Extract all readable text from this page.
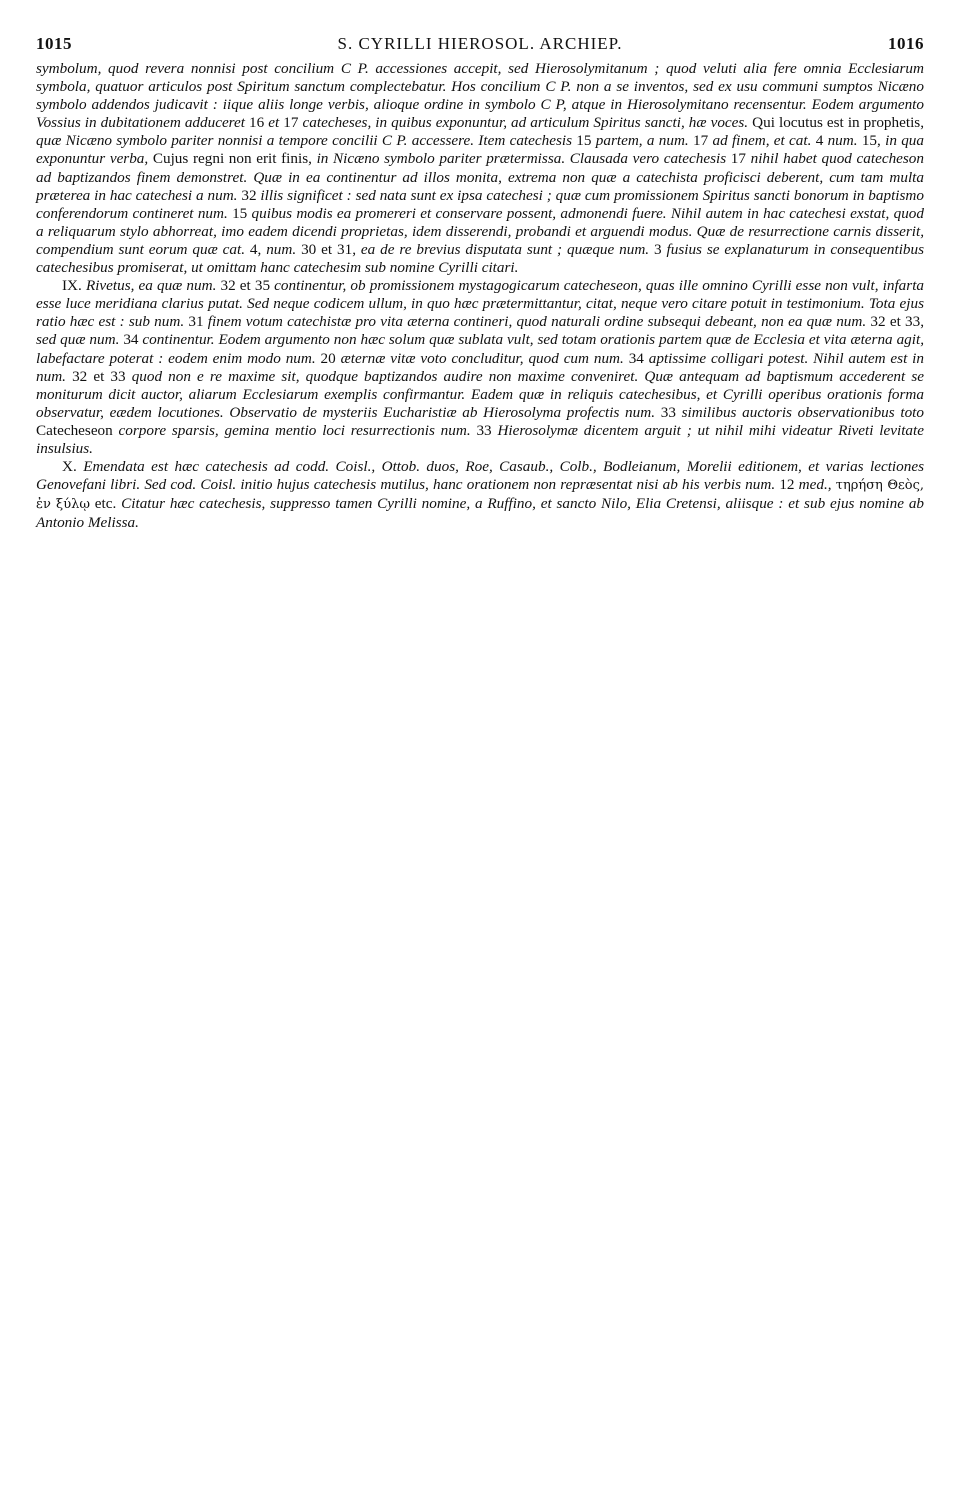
1015	S. CYRILLI HIEROSOL. ARCHIEP.	1016

symbolum, quod revera nonnisi post concilium C P. accessiones accepit, sed Hierosolymitanum ; quod veluti alia fere omnia Ecclesiarum symbola, quatuor articulos post Spiritum sanctum complectebatur. Hos concilium C P. non a se inventos, sed ex usu communi sumptos Nicæno symbolo addendos judicavit : iique aliis longe verbis, alioque ordine in symbolo C P, atque in Hierosolymitano recensentur. Eodem argumento Vossius in dubitationem adduceret 16 et 17 catecheses, in quibus exponuntur, ad articulum Spiritus sancti, hæ voces. Qui locutus est in prophetis, quæ Nicæno symbolo pariter nonnisi a tempore concilii C P. accessere. Item catechesis 15 partem, a num. 17 ad finem, et cat. 4 num. 15, in qua exponuntur verba, Cujus regni non erit finis, in Nicæno symbolo pariter prætermissa. Clausada vero catechesis 17 nihil habet quod catecheson ad baptizandos finem demonstret. Quæ in ea continentur ad illos monita, extrema non quæ a catechista proficisci deberent, cum tam multa præterea in hac catechesi a num. 32 illis significet : sed nata sunt ex ipsa catechesi ; quæ cum promissionem Spiritus sancti bonorum in baptismo conferendorum contineret num. 15 quibus modis ea promereri et conservare possent, admonendi fuere. Nihil autem in hac catechesi exstat, quod a reliquarum stylo abhorreat, imo eadem dicendi proprietas, idem disserendi, probandi et arguendi modus. Quæ de resurrectione carnis disserit, compendium sunt eorum quæ cat. 4, num. 30 et 31, ea de re brevius disputata sunt ; quæque num. 3 fusius se explanaturum in consequentibus catechesibus promiserat, ut omittam hanc catechesim sub nomine Cyrilli citari.

IX. Rivetus, ea quæ num. 32 et 35 continentur, ob promissionem mystagogicarum catecheseon, quas ille omnino Cyrilli esse non vult, infarta esse luce meridiana clarius putat. Sed neque codicem ullum, in quo hæc prætermittantur, citat, neque vero citare potuit in testimonium. Tota ejus ratio hæc est : sub num. 31 finem votum catechistæ pro vita æterna contineri, quod naturali ordine subsequi debeant, non ea quæ num. 32 et 33, sed quæ num. 34 continentur. Eodem argumento non hæc solum quæ sublata vult, sed totam orationis partem quæ de Ecclesia et vita æterna agit, labefactare poterat : eodem enim modo num. 20 æternæ vitæ voto concluditur, quod cum num. 34 aptissime colligari potest. Nihil autem est in num. 32 et 33 quod non e re maxime sit, quodque baptizandos audire non maxime conveniret. Quæ antequam ad baptismum accederent se moniturum dicit auctor, aliarum Ecclesiarum exemplis confirmantur. Eadem quæ in reliquis catechesibus, et Cyrilli operibus orationis forma observatur, eædem locutiones. Observatio de mysteriis Eucharistiæ ab Hierosolyma profectis num. 33 similibus auctoris observationibus toto Catecheseon corpore sparsis, gemina mentio loci resurrectionis num. 33 Hierosolymæ dicentem arguit ; ut nihil mihi videatur Riveti levitate insulsius.

X. Emendata est hæc catechesis ad codd. Coisl., Ottob. duos, Roe, Casaub., Colb., Bodleianum, Morelii editionem, et varias lectiones Genovefani libri. Sed cod. Coisl. initio hujus catechesis mutilus, hanc orationem non repræsentat nisi ab his verbis num. 12 med., τηρήση Θεὸς, ἐν ξύλῳ etc. Citatur hæc catechesis, suppresso tamen Cyrilli nomine, a Ruffino, et sancto Nilo, Elia Cretensi, aliisque : et sub ejus nomine ab Antonio Melissa.
